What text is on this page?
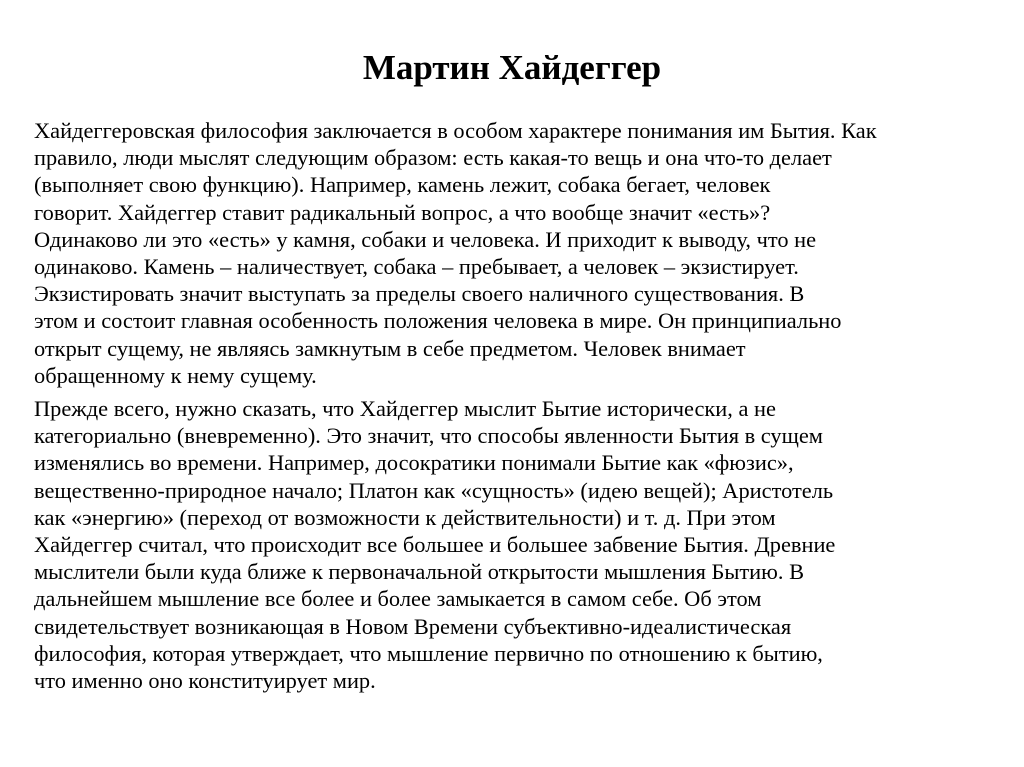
Мартин Хайдеггер

Хайдеггеровская философия заключается в особом характере понимания им Бытия. Как
правило, люди мыслят следующим образом: есть какая-то вещь и она что-то делает
(выполняет свою функцию). Например, камень лежит, собака бегает, человек
говорит. Хайдеггер ставит радикальный вопрос, а что вообще значит «есть»?
Одинаково ли это «есть» у камня, собаки и человека. И приходит к выводу, что не
одинаково. Камень – наличествует, собака – пребывает, а человек – экзистирует.
Экзистировать значит выступать за пределы своего наличного существования. В
этом и состоит главная особенность положения человека в мире. Он принципиально
открыт сущему, не являясь замкнутым в себе предметом. Человек внимает
обращенному к нему сущему.

Прежде всего, нужно сказать, что Хайдеггер мыслит Бытие исторически, а не
категориально (вневременно). Это значит, что способы явленности Бытия в сущем
изменялись во времени. Например, досократики понимали Бытие как «фюзис»,
вещественно-природное начало; Платон как «сущность» (идею вещей); Аристотель
как «энергию» (переход от возможности к действительности) и т. д. При этом
Хайдеггер считал, что происходит все большее и большее забвение Бытия. Древние
мыслители были куда ближе к первоначальной открытости мышления Бытию. В
дальнейшем мышление все более и более замыкается в самом себе. Об этом
свидетельствует возникающая в Новом Времени субъективно-идеалистическая
философия, которая утверждает, что мышление первично по отношению к бытию,
что именно оно конституирует мир.
